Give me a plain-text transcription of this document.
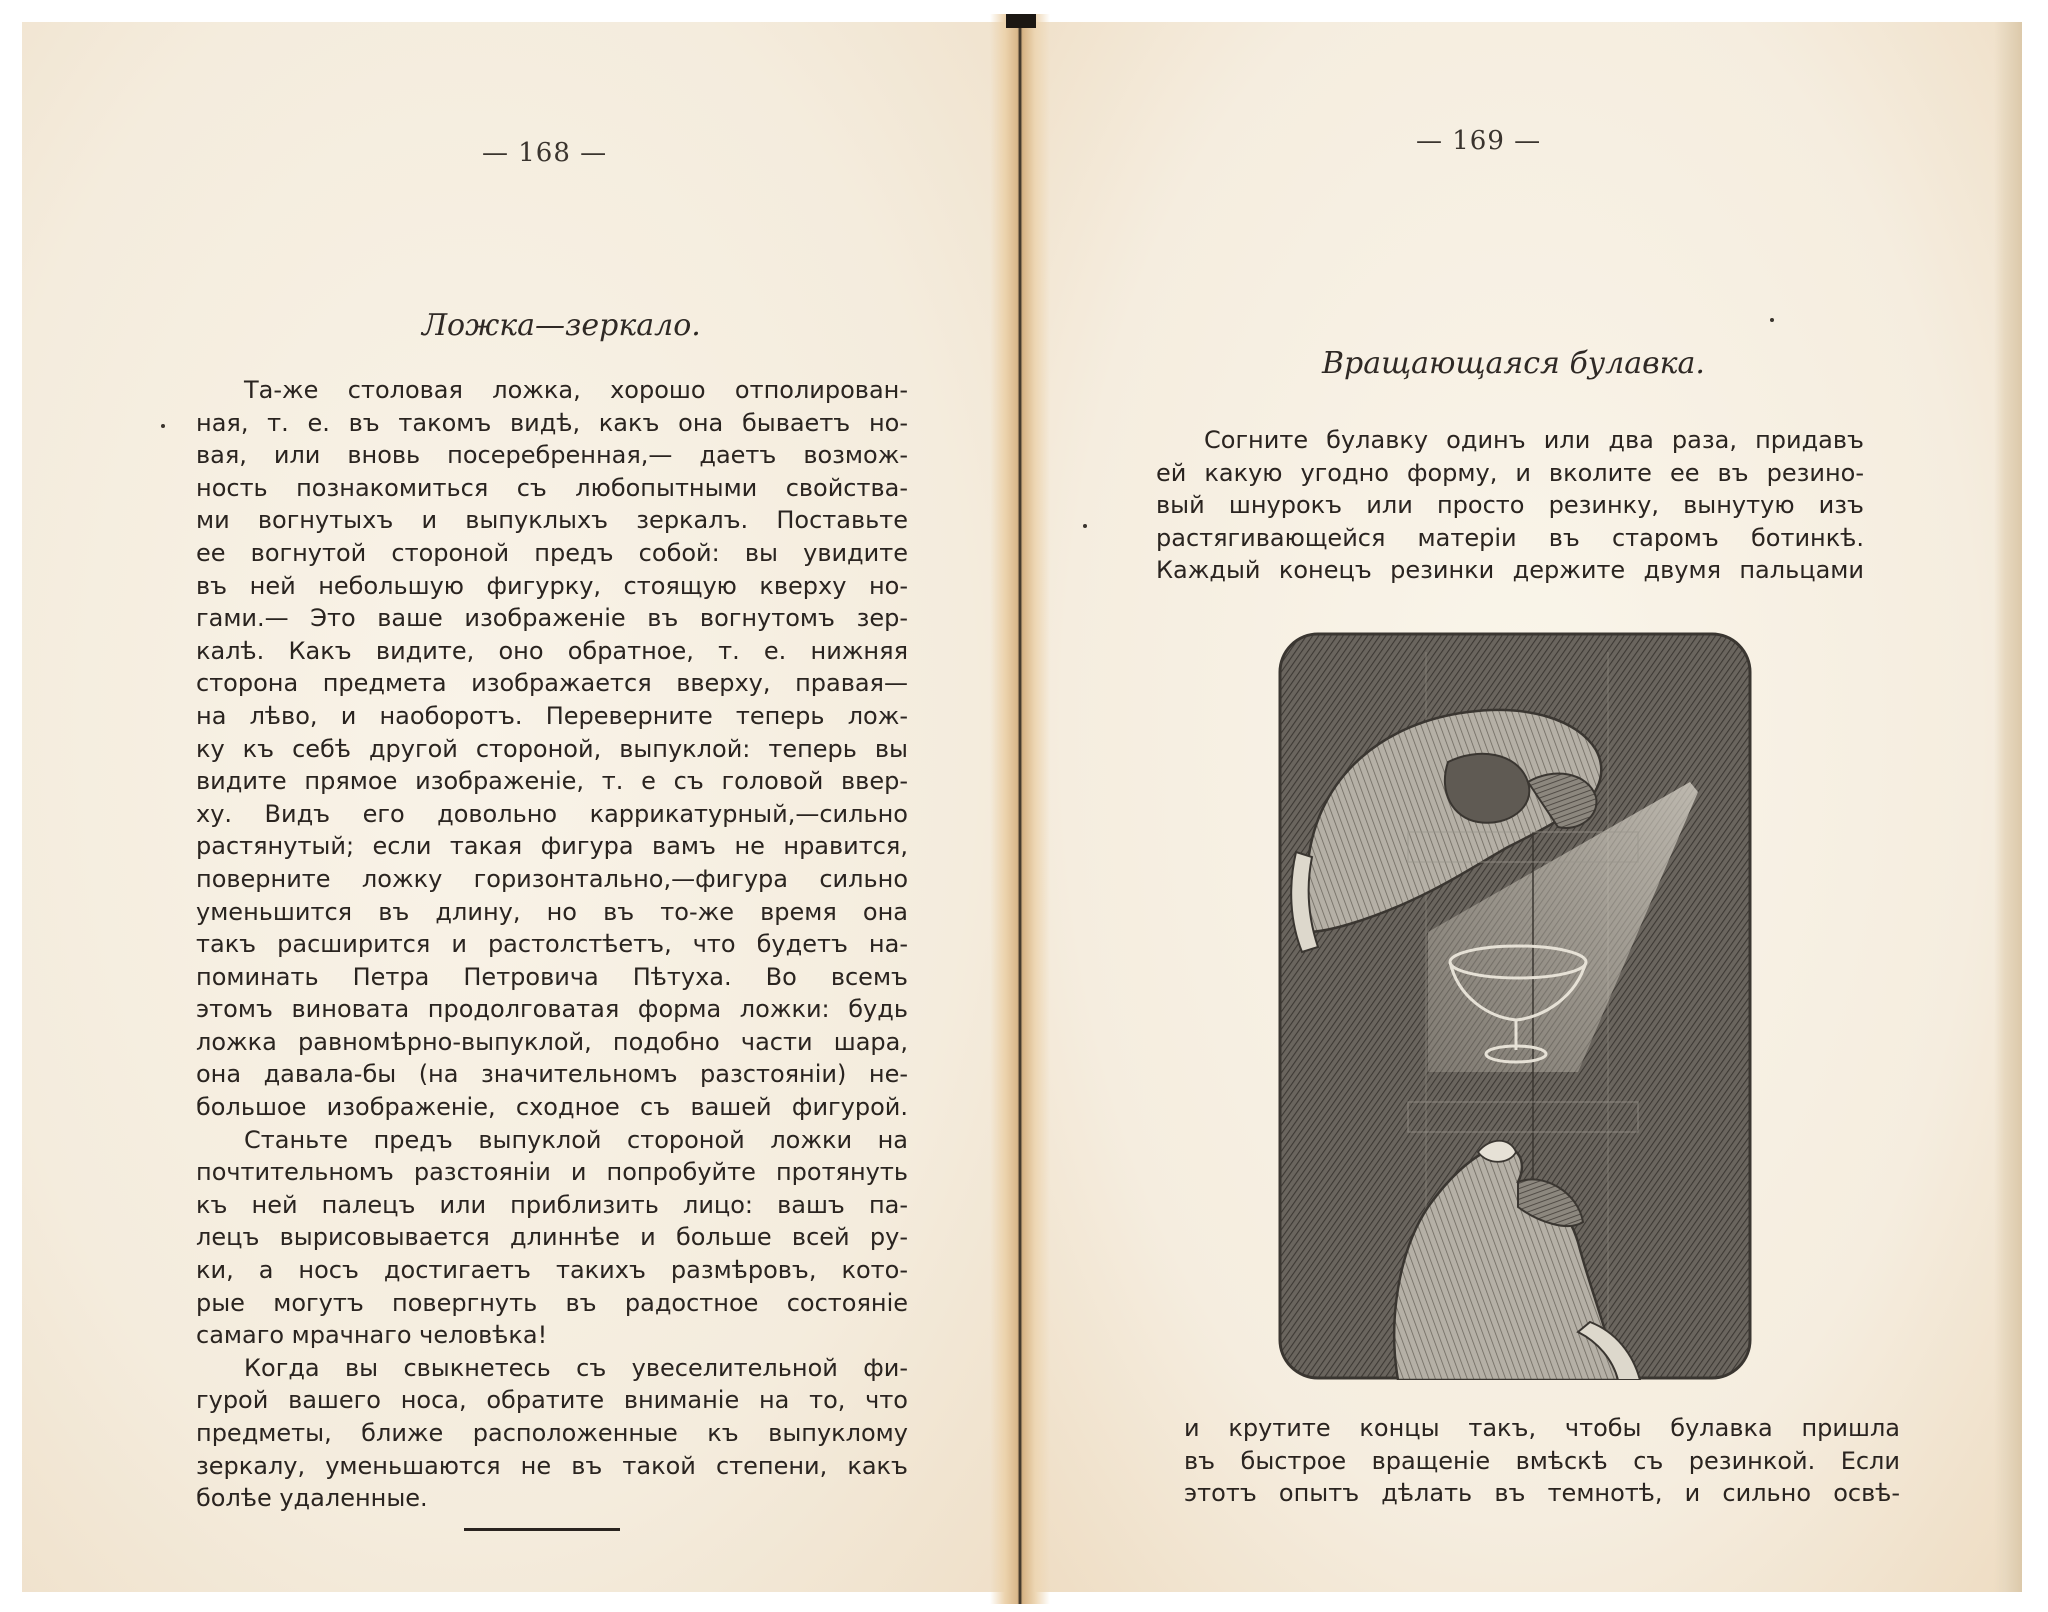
— 168 —
Ложка—зеркало.
Та-же столовая ложка, хорошо отполирован-
ная, т. е. въ такомъ видѣ, какъ она бываетъ но-
вая, или вновь посеребренная,— даетъ возмож-
ность познакомиться съ любопытными свойства-
ми вогнутыхъ и выпуклыхъ зеркалъ. Поставьте
ее вогнутой стороной предъ собой: вы увидите
въ ней небольшую фигурку, стоящую кверху но-
гами.— Это ваше изображенiе въ вогнутомъ зер-
калѣ. Какъ видите, оно обратное, т. е. нижняя
сторона предмета изображается вверху, правая—
на лѣво, и наоборотъ. Переверните теперь лож-
ку къ себѣ другой стороной, выпуклой: теперь вы
видите прямое изображенiе, т. е съ головой ввер-
ху. Видъ его довольно каррикатурный,—сильно
растянутый; если такая фигура вамъ не нравится,
поверните ложку горизонтально,—фигура сильно
уменьшится въ длину, но въ то-же время она
такъ расширится и растолстѣетъ, что будетъ на-
поминать Петра Петровича Пѣтуха. Во всемъ
этомъ виновата продолговатая форма ложки: будь
ложка равномѣрно-выпуклой, подобно части шара,
она давала-бы (на значительномъ разстоянiи) не-
большое изображенiе, сходное съ вашей фигурой.
Станьте предъ выпуклой стороной ложки на
почтительномъ разстоянiи и попробуйте протянуть
къ ней палецъ или приблизить лицо: вашъ па-
лецъ вырисовывается длиннѣе и больше всей ру-
ки, а носъ достигаетъ такихъ размѣровъ, кото-
рые могутъ повергнуть въ радостное состоянiе
самаго мрачнаго человѣка!
Когда вы свыкнетесь съ увеселительной фи-
гурой вашего носа, обратите вниманiе на то, что
предметы, ближе расположенные къ выпуклому
зеркалу, уменьшаются не въ такой степени, какъ
болѣе удаленные.
— 169 —
Вращающаяся булавка.
Согните булавку одинъ или два раза, придавъ
ей какую угодно форму, и вколите ее въ резино-
вый шнурокъ или просто резинку, вынутую изъ
растягивающейся матерiи въ старомъ ботинкѣ.
Каждый конецъ резинки держите двумя пальцами
и крутите концы такъ, чтобы булавка пришла
въ быстрое вращенiе вмѣскѣ съ резинкой. Если
этотъ опытъ дѣлать въ темнотѣ, и сильно освѣ-
